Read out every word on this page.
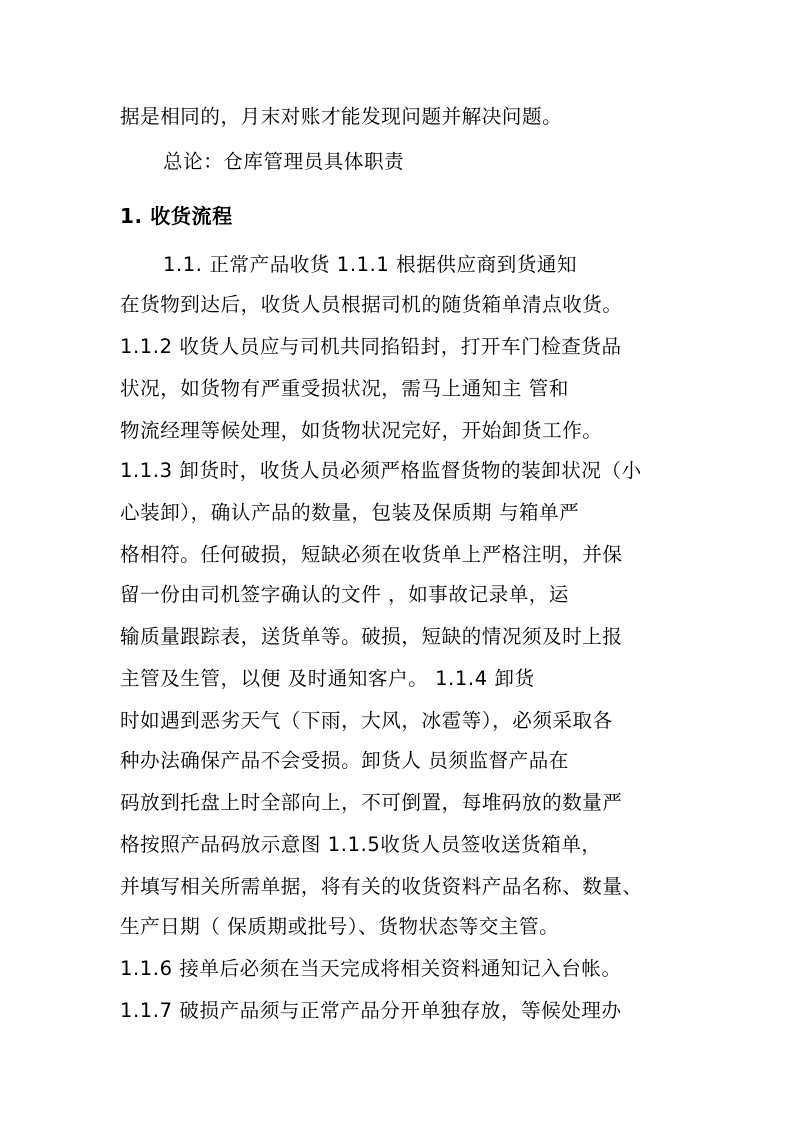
据是相同的，月末对账才能发现问题并解决问题。
总论：仓库管理员具体职责
1. 收货流程
1.1. 正常产品收货 1.1.1 根据供应商到货通知
在货物到达后，收货人员根据司机的随货箱单清点收货。
1.1.2 收货人员应与司机共同掐铅封，打开车门检查货品
状况，如货物有严重受损状况，需马上通知主 管和
物流经理等候处理，如货物状况完好，开始卸货工作。
1.1.3 卸货时，收货人员必须严格监督货物的装卸状况（小
心装卸），确认产品的数量，包装及保质期 与箱单严
格相符。任何破损，短缺必须在收货单上严格注明，并保
留一份由司机签字确认的文件 ，如事故记录单，运
输质量跟踪表，送货单等。破损，短缺的情况须及时上报
主管及生管，以便 及时通知客户。 1.1.4 卸货
时如遇到恶劣天气（下雨，大风，冰雹等），必须采取各
种办法确保产品不会受损。卸货人 员须监督产品在
码放到托盘上时全部向上，不可倒置，每堆码放的数量严
格按照产品码放示意图 1.1.5收货人员签收送货箱单，
并填写相关所需单据，将有关的收货资料产品名称、数量、
生产日期（ 保质期或批号）、货物状态等交主管。
1.1.6 接单后必须在当天完成将相关资料通知记入台帐。
1.1.7 破损产品须与正常产品分开单独存放，等候处理办
